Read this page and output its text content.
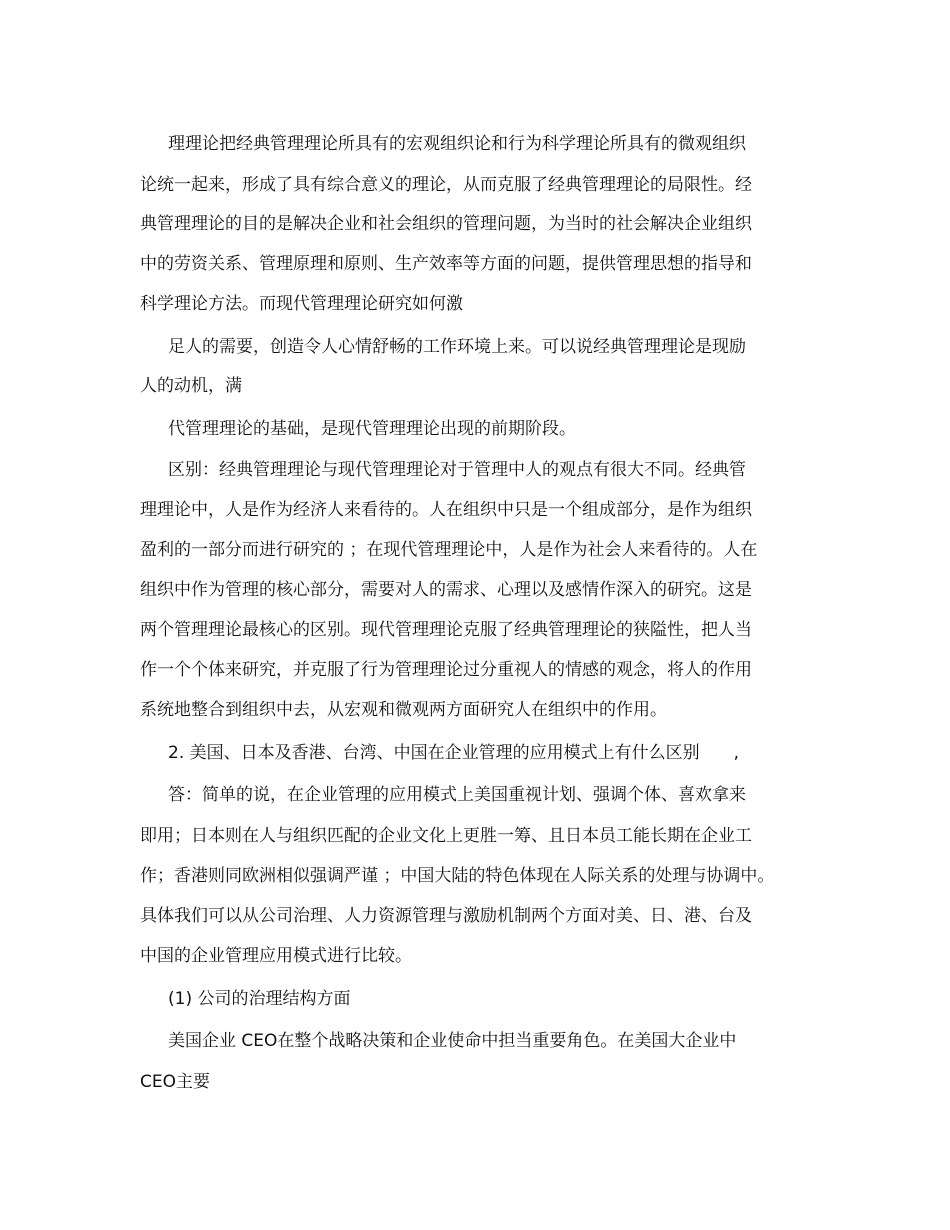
理理论把经典管理理论所具有的宏观组织论和行为科学理论所具有的微观组织
论统一起来，形成了具有综合意义的理论，从而克服了经典管理理论的局限性。经
典管理理论的目的是解决企业和社会组织的管理问题，为当时的社会解决企业组织
中的劳资关系、管理原理和原则、生产效率等方面的问题，提供管理思想的指导和
科学理论方法。而现代管理理论研究如何激
足人的需要，创造令人心情舒畅的工作环境上来。可以说经典管理理论是现励
人的动机，满
代管理理论的基础，是现代管理理论出现的前期阶段。
区别：经典管理理论与现代管理理论对于管理中人的观点有很大不同。经典管
理理论中，人是作为经济人来看待的。人在组织中只是一个组成部分，是作为组织
盈利的一部分而进行研究的 ；在现代管理理论中，人是作为社会人来看待的。人在
组织中作为管理的核心部分，需要对人的需求、心理以及感情作深入的研究。这是
两个管理理论最核心的区别。现代管理理论克服了经典管理理论的狭隘性，把人当
作一个个体来研究，并克服了行为管理理论过分重视人的情感的观念，将人的作用
系统地整合到组织中去，从宏观和微观两方面研究人在组织中的作用。
2. 美国、日本及香港、台湾、中国在企业管理的应用模式上有什么区别　　,
答：简单的说，在企业管理的应用模式上美国重视计划、强调个体、喜欢拿来
即用；日本则在人与组织匹配的企业文化上更胜一筹、且日本员工能长期在企业工
作；香港则同欧洲相似强调严谨 ；中国大陆的特色体现在人际关系的处理与协调中。
具体我们可以从公司治理、人力资源管理与激励机制两个方面对美、日、港、台及
中国的企业管理应用模式进行比较。
(1) 公司的治理结构方面
美国企业 CEO在整个战略决策和企业使命中担当重要角色。在美国大企业中
CEO主要
